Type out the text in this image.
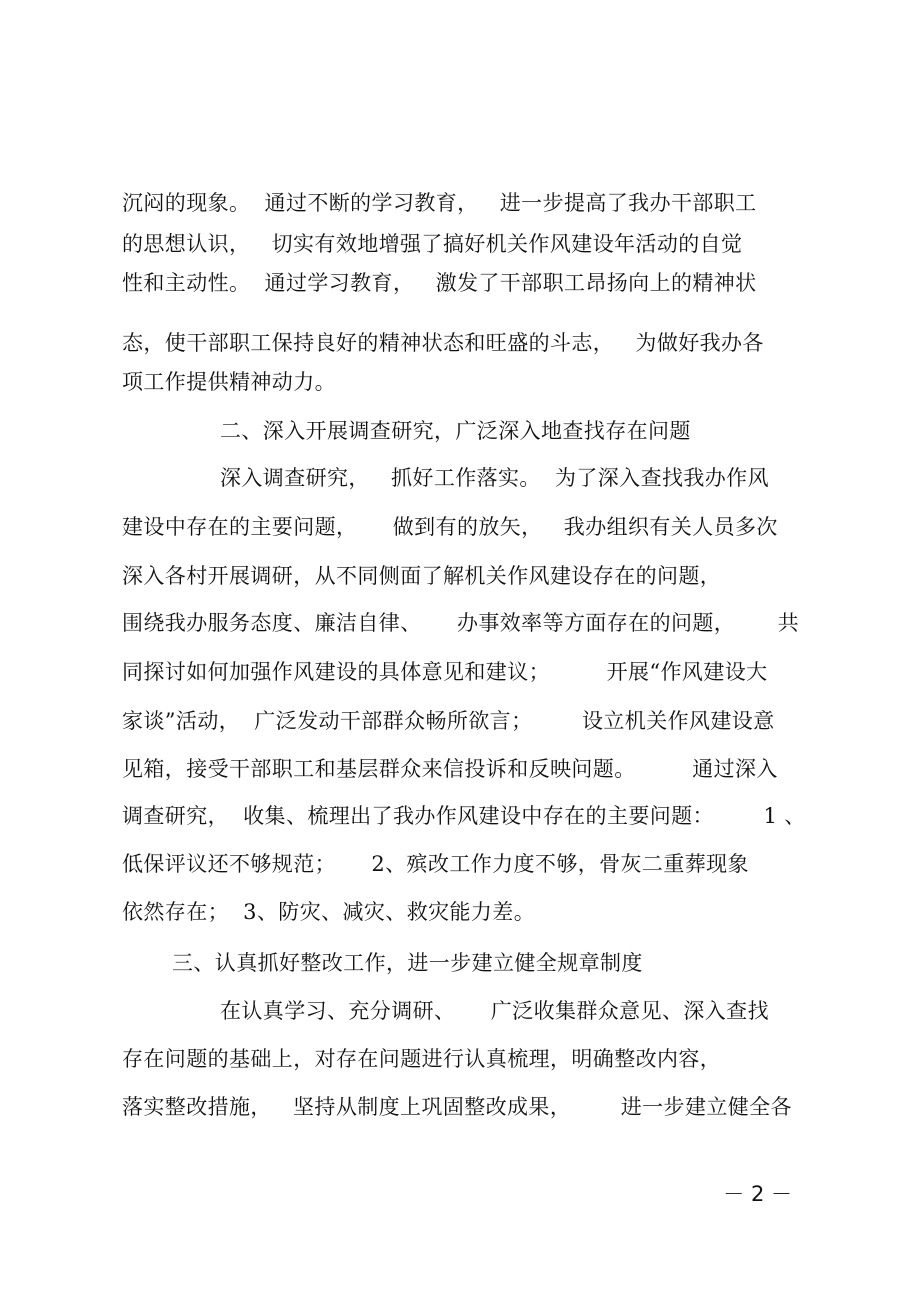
沉闷的现象。  通过不断的学习教育，   进一步提高了我办干部职工
的思想认识，   切实有效地增强了搞好机关作风建设年活动的自觉
性和主动性。  通过学习教育，   激发了干部职工昂扬向上的精神状
态，使干部职工保持良好的精神状态和旺盛的斗志，   为做好我办各
项工作提供精神动力。
二、深入开展调查研究，广泛深入地查找存在问题
深入调查研究，   抓好工作落实。  为了深入查找我办作风
建设中存在的主要问题，     做到有的放矢，   我办组织有关人员多次
深入各村开展调研，从不同侧面了解机关作风建设存在的问题，
围绕我办服务态度、廉洁自律、     办事效率等方面存在的问题，      共
同探讨如何加强作风建设的具体意见和建议；        开展“作风建设大
家谈”活动，  广泛发动干部群众畅所欲言；       设立机关作风建设意
见箱，接受干部职工和基层群众来信投诉和反映问题。        通过深入
调查研究，  收集、梳理出了我办作风建设中存在的主要问题：       1 、
低保评议还不够规范；     2、殡改工作力度不够，骨灰二重葬现象
依然存在；  3、防灾、减灾、救灾能力差。
三、认真抓好整改工作，进一步建立健全规章制度
在认真学习、充分调研、     广泛收集群众意见、深入查找
存在问题的基础上，对存在问题进行认真梳理，明确整改内容，
落实整改措施，   坚持从制度上巩固整改成果，       进一步建立健全各
－ 2 －
